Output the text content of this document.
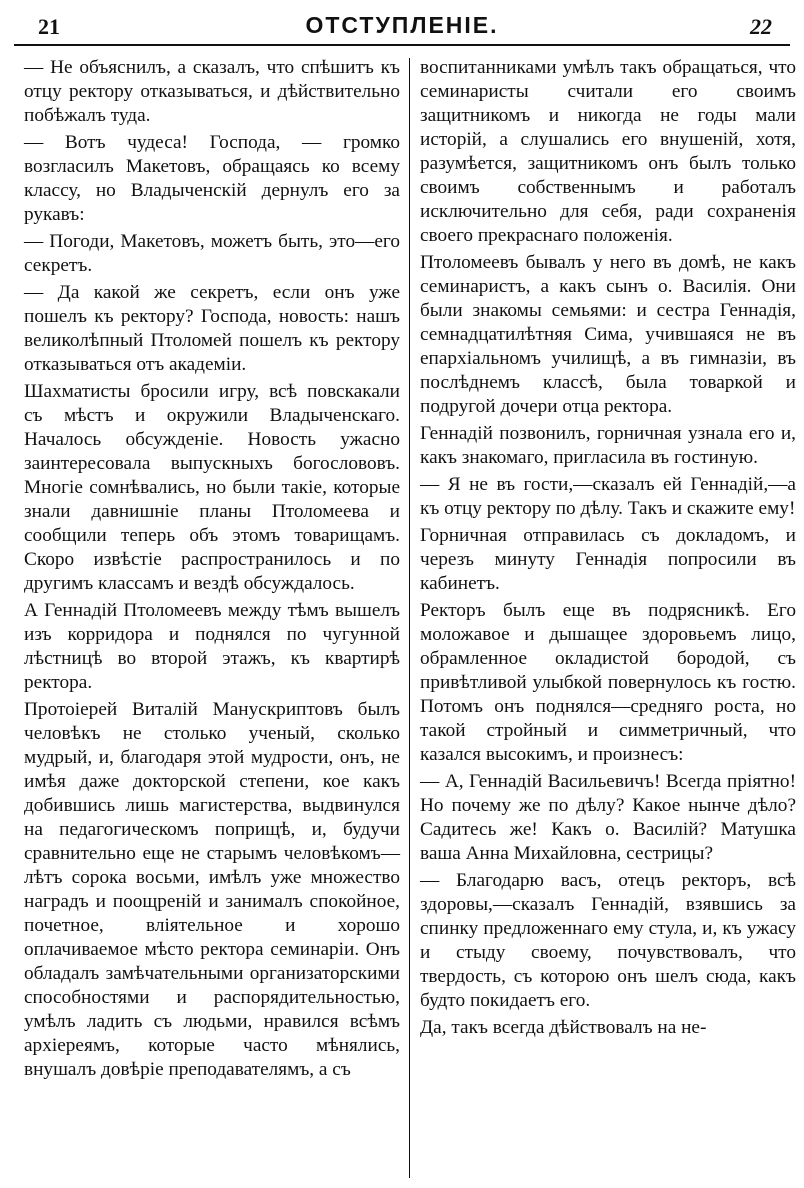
21	ОТСТУПЛЕНІЕ.	22

— Не объяснилъ, а сказалъ, что спѣшитъ къ отцу ректору отказываться, и дѣйствительно побѣжалъ туда.

— Вотъ чудеса! Господа, — громко возгласилъ Макетовъ, обращаясь ко всему классу, но Владыченскій дернулъ его за рукавъ:

— Погоди, Макетовъ, можетъ быть, это—его секретъ.

— Да какой же секретъ, если онъ уже пошелъ къ ректору? Господа, новость: нашъ великолѣпный Птоломей пошелъ къ ректору отказываться отъ академіи.

Шахматисты бросили игру, всѣ повскакали съ мѣстъ и окружили Владыченскаго. Началось обсужденіе. Новость ужасно заинтересовала выпускныхъ богослововъ. Многіе сомнѣвались, но были такіе, которые знали давнишніе планы Птоломеева и сообщили теперь объ этомъ товарищамъ. Скоро извѣстіе распространилось и по другимъ классамъ и вездѣ обсуждалось.

А Геннадій Птоломеевъ между тѣмъ вышелъ изъ корридора и поднялся по чугунной лѣстницѣ во второй этажъ, къ квартирѣ ректора.

Протоіерей Виталій Манускриптовъ былъ человѣкъ не столько ученый, сколько мудрый, и, благодаря этой мудрости, онъ, не имѣя даже докторской степени, кое какъ добившись лишь магистерства, выдвинулся на педагогическомъ поприщѣ, и, будучи сравнительно еще не старымъ человѣкомъ—лѣтъ сорока восьми, имѣлъ уже множество наградъ и поощреній и занималъ спокойное, почетное, вліятельное и хорошо оплачиваемое мѣсто ректора семинаріи. Онъ обладалъ замѣчательными организаторскими способностями и распорядительностью, умѣлъ ладить съ людьми, нравился всѣмъ архіереямъ, которые часто мѣнялись, внушалъ довѣріе преподавателямъ, а съ

воспитанниками умѣлъ такъ обращаться, что семинаристы считали его своимъ защитникомъ и никогда не годы мали исторій, а слушались его внушеній, хотя, разумѣется, защитникомъ онъ былъ только своимъ собственнымъ и работалъ исключительно для себя, ради сохраненія своего прекраснаго положенія.

Птоломеевъ бывалъ у него въ домѣ, не какъ семинаристъ, а какъ сынъ о. Василія. Они были знакомы семьями: и сестра Геннадія, семнадцатилѣтняя Сима, учившаяся не въ епархіальномъ училищѣ, а въ гимназіи, въ послѣднемъ классѣ, была товаркой и подругой дочери отца ректора.

Геннадій позвонилъ, горничная узнала его и, какъ знакомаго, пригласила въ гостиную.

— Я не въ гости,—сказалъ ей Геннадій,—а къ отцу ректору по дѣлу. Такъ и скажите ему!

Горничная отправилась съ докладомъ, и черезъ минуту Геннадія попросили въ кабинетъ.

Ректоръ былъ еще въ подрясникѣ. Его моложавое и дышащее здоровьемъ лицо, обрамленное окладистой бородой, съ привѣтливой улыбкой повернулось къ гостю. Потомъ онъ поднялся—средняго роста, но такой стройный и симметричный, что казался высокимъ, и произнесъ:

— А, Геннадій Васильевичъ! Всегда пріятно! Но почему же по дѣлу? Какое нынче дѣло? Садитесь же! Какъ о. Василій? Матушка ваша Анна Михайловна, сестрицы?

— Благодарю васъ, отецъ ректоръ, всѣ здоровы,—сказалъ Геннадій, взявшись за спинку предложеннаго ему стула, и, къ ужасу и стыду своему, почувствовалъ, что твердость, съ которою онъ шелъ сюда, какъ будто покидаетъ его.

Да, такъ всегда дѣйствовалъ на не-
